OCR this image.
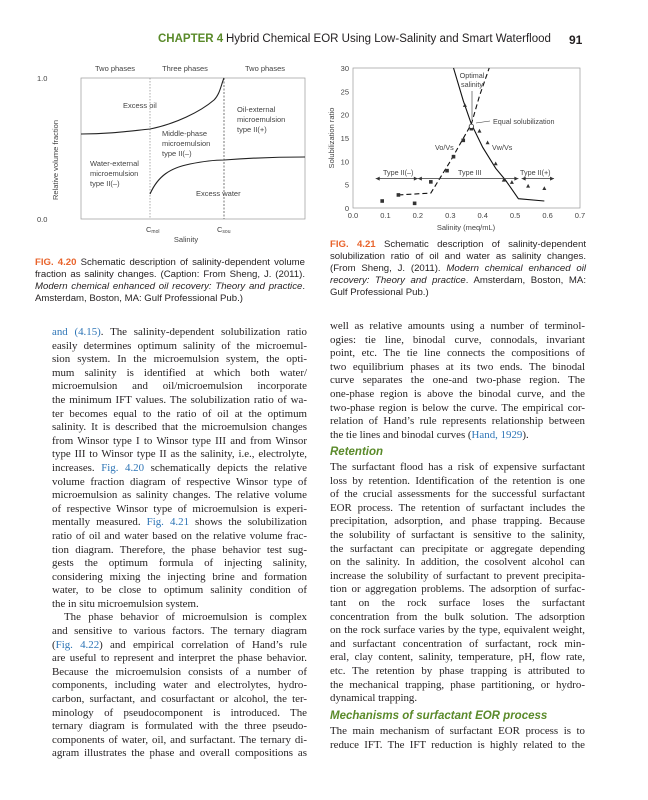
CHAPTER 4 Hybrid Chemical EOR Using Low-Salinity and Smart Waterflood 91
Two phases	Three phases	Two phases
1.0
0.0
Relative volume fraction
Salinity
Cmol	Csou
Excess oil
Excess water
Oil-external microemulsion type II(+)
Middle-phase microemulsion type II(–)
Water-external microemulsion type II(–)
FIG. 4.20 Schematic description of salinity-dependent volume fraction as salinity changes. (Caption: From Sheng, J. (2011). Modern chemical enhanced oil recovery: Theory and practice. Amsterdam, Boston, MA: Gulf Professional Pub.)
Solubilization ratio
Salinity (meq/mL)
0.0	0.1	0.2	0.3	0.4	0.5	0.6	0.7
0
5
10
15
20
25
30
Optimal salinity
Equal solubilization
Vo/Vs	Vw/Vs
Type II(–)	Type III	Type II(+)
FIG. 4.21 Schematic description of salinity-dependent solubilization ratio of oil and water as salinity changes. (From Sheng, J. (2011). Modern chemical enhanced oil recovery: Theory and practice. Amsterdam, Boston, MA: Gulf Professional Pub.)
and (4.15). The salinity-dependent solubilization ratio
easily determines optimum salinity of the microemul-
sion system. In the microemulsion system, the opti-
mum salinity is identified at which both water/
microemulsion and oil/microemulsion incorporate
the minimum IFT values. The solubilization ratio of wa-
ter becomes equal to the ratio of oil at the optimum
salinity. It is described that the microemulsion changes
from Winsor type I to Winsor type III and from Winsor
type III to Winsor type II as the salinity, i.e., electrolyte,
increases. Fig. 4.20 schematically depicts the relative
volume fraction diagram of respective Winsor type of
microemulsion as salinity changes. The relative volume
of respective Winsor type of microemulsion is experi-
mentally measured. Fig. 4.21 shows the solubilization
ratio of oil and water based on the relative volume frac-
tion diagram. Therefore, the phase behavior test sug-
gests the optimum formula of injecting salinity,
considering mixing the injecting brine and formation
water, to be close to optimum salinity condition of
the in situ microemulsion system.
The phase behavior of microemulsion is complex
and sensitive to various factors. The ternary diagram
(Fig. 4.22) and empirical correlation of Hand’s rule
are useful to represent and interpret the phase behavior.
Because the microemulsion consists of a number of
components, including water and electrolytes, hydro-
carbon, surfactant, and cosurfactant or alcohol, the ter-
minology of pseudocomponent is introduced. The
ternary diagram is formulated with the three pseudo-
components of water, oil, and surfactant. The ternary di-
agram illustrates the phase and overall compositions as
well as relative amounts using a number of terminol-
ogies: tie line, binodal curve, connodals, invariant
point, etc. The tie line connects the compositions of
two equilibrium phases at its two ends. The binodal
curve separates the one-and two-phase region. The
one-phase region is above the binodal curve, and the
two-phase region is below the curve. The empirical cor-
relation of Hand’s rule represents relationship between
the tie lines and binodal curves (Hand, 1929).
Retention
The surfactant flood has a risk of expensive surfactant
loss by retention. Identification of the retention is one
of the crucial assessments for the successful surfactant
EOR process. The retention of surfactant includes the
precipitation, adsorption, and phase trapping. Because
the solubility of surfactant is sensitive to the salinity,
the surfactant can precipitate or aggregate depending
on the salinity. In addition, the cosolvent alcohol can
increase the solubility of surfactant to prevent precipita-
tion or aggregation problems. The adsorption of surfac-
tant on the rock surface loses the surfactant
concentration from the bulk solution. The adsorption
on the rock surface varies by the type, equivalent weight,
and surfactant concentration of surfactant, rock min-
eral, clay content, salinity, temperature, pH, flow rate,
etc. The retention by phase trapping is attributed to
the mechanical trapping, phase partitioning, or hydro-
dynamical trapping.
Mechanisms of surfactant EOR process
The main mechanism of surfactant EOR process is to
reduce IFT. The IFT reduction is highly related to the
